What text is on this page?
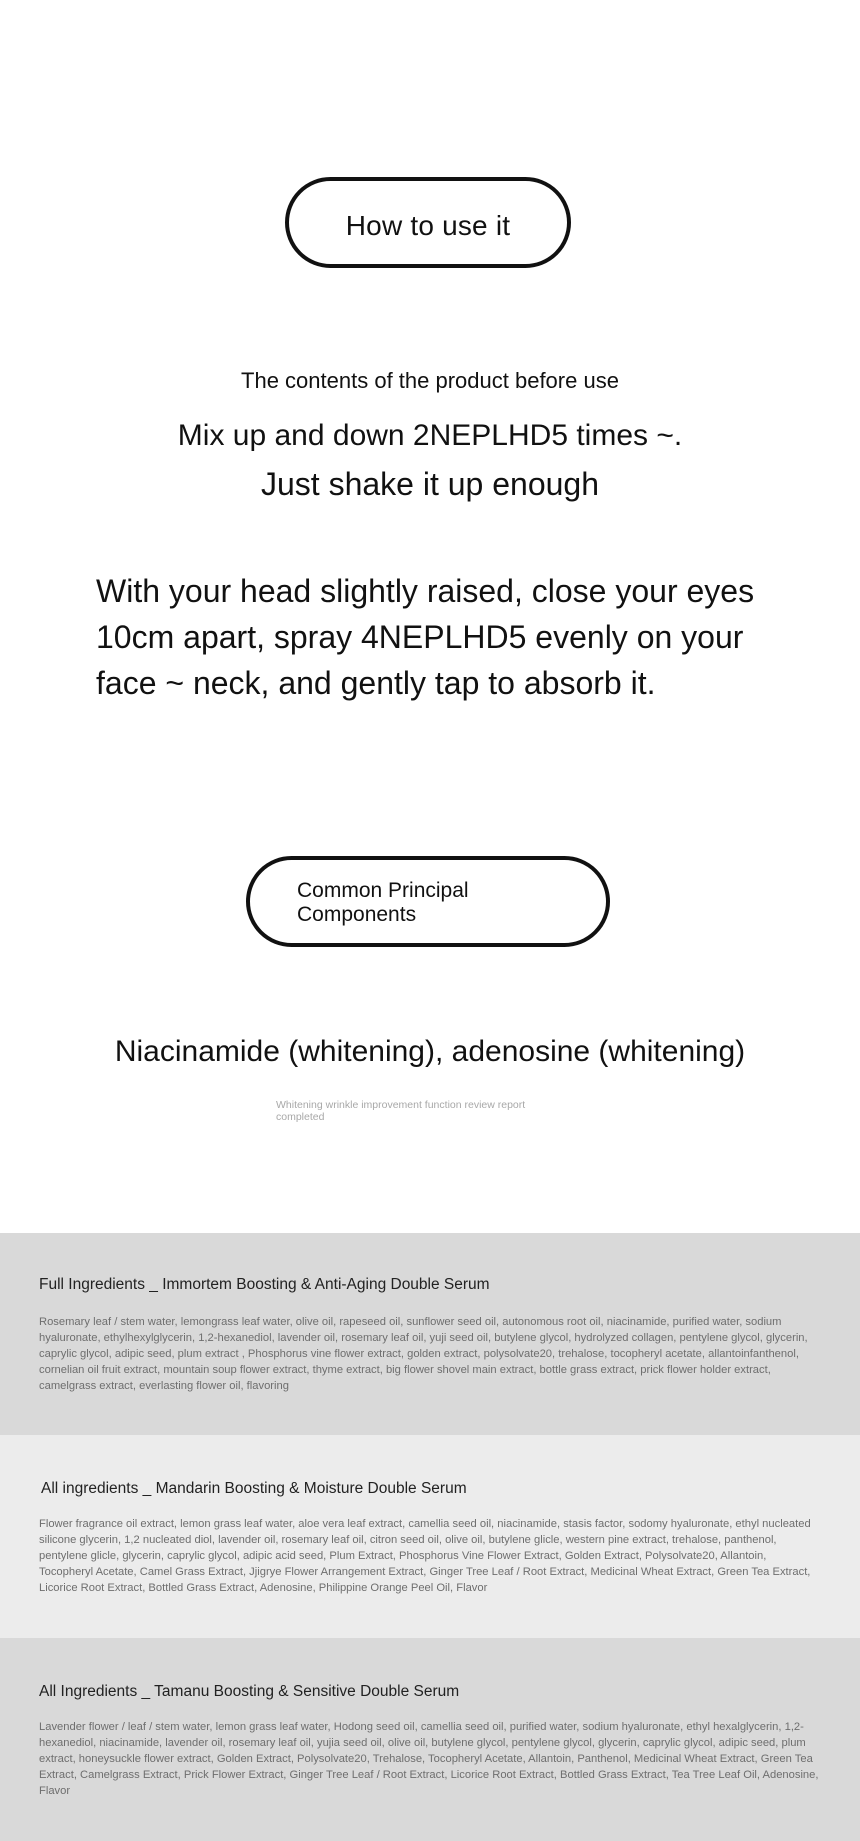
How to use it
The contents of the product before use
Mix up and down 2NEPLHD5 times ~.
Just shake it up enough
With your head slightly raised, close your eyes 10cm apart, spray 4NEPLHD5 evenly on your face ~ neck, and gently tap to absorb it.
Common Principal Components
Niacinamide (whitening), adenosine (whitening)
Whitening wrinkle improvement function review report completed
Full Ingredients _ Immortem Boosting & Anti-Aging Double Serum
Rosemary leaf / stem water, lemongrass leaf water, olive oil, rapeseed oil, sunflower seed oil, autonomous root oil, niacinamide, purified water, sodium hyaluronate, ethylhexylglycerin, 1,2-hexanediol, lavender oil, rosemary leaf oil, yuji seed oil, butylene glycol, hydrolyzed collagen, pentylene glycol, glycerin, caprylic glycol, adipic seed, plum extract , Phosphorus vine flower extract, golden extract, polysolvate20, trehalose, tocopheryl acetate, allantoinfanthenol, cornelian oil fruit extract, mountain soup flower extract, thyme extract, big flower shovel main extract, bottle grass extract, prick flower holder extract, camelgrass extract, everlasting flower oil, flavoring
All ingredients _ Mandarin Boosting & Moisture Double Serum
Flower fragrance oil extract, lemon grass leaf water, aloe vera leaf extract, camellia seed oil, niacinamide, stasis factor, sodomy hyaluronate, ethyl nucleated silicone glycerin, 1,2 nucleated diol, lavender oil, rosemary leaf oil, citron seed oil, olive oil, butylene glicle, western pine extract, trehalose, panthenol, pentylene glicle, glycerin, caprylic glycol, adipic acid seed, Plum Extract, Phosphorus Vine Flower Extract, Golden Extract, Polysolvate20, Allantoin, Tocopheryl Acetate, Camel Grass Extract, Jjigrye Flower Arrangement Extract, Ginger Tree Leaf / Root Extract, Medicinal Wheat Extract, Green Tea Extract, Licorice Root Extract, Bottled Grass Extract, Adenosine, Philippine Orange Peel Oil, Flavor
All Ingredients _ Tamanu Boosting & Sensitive Double Serum
Lavender flower / leaf / stem water, lemon grass leaf water, Hodong seed oil, camellia seed oil, purified water, sodium hyaluronate, ethyl hexalglycerin, 1,2-hexanediol, niacinamide, lavender oil, rosemary leaf oil, yujia seed oil, olive oil, butylene glycol, pentylene glycol, glycerin, caprylic glycol, adipic seed, plum extract, honeysuckle flower extract, Golden Extract, Polysolvate20, Trehalose, Tocopheryl Acetate, Allantoin, Panthenol, Medicinal Wheat Extract, Green Tea Extract, Camelgrass Extract, Prick Flower Extract, Ginger Tree Leaf / Root Extract, Licorice Root Extract, Bottled Grass Extract, Tea Tree Leaf Oil, Adenosine, Flavor
